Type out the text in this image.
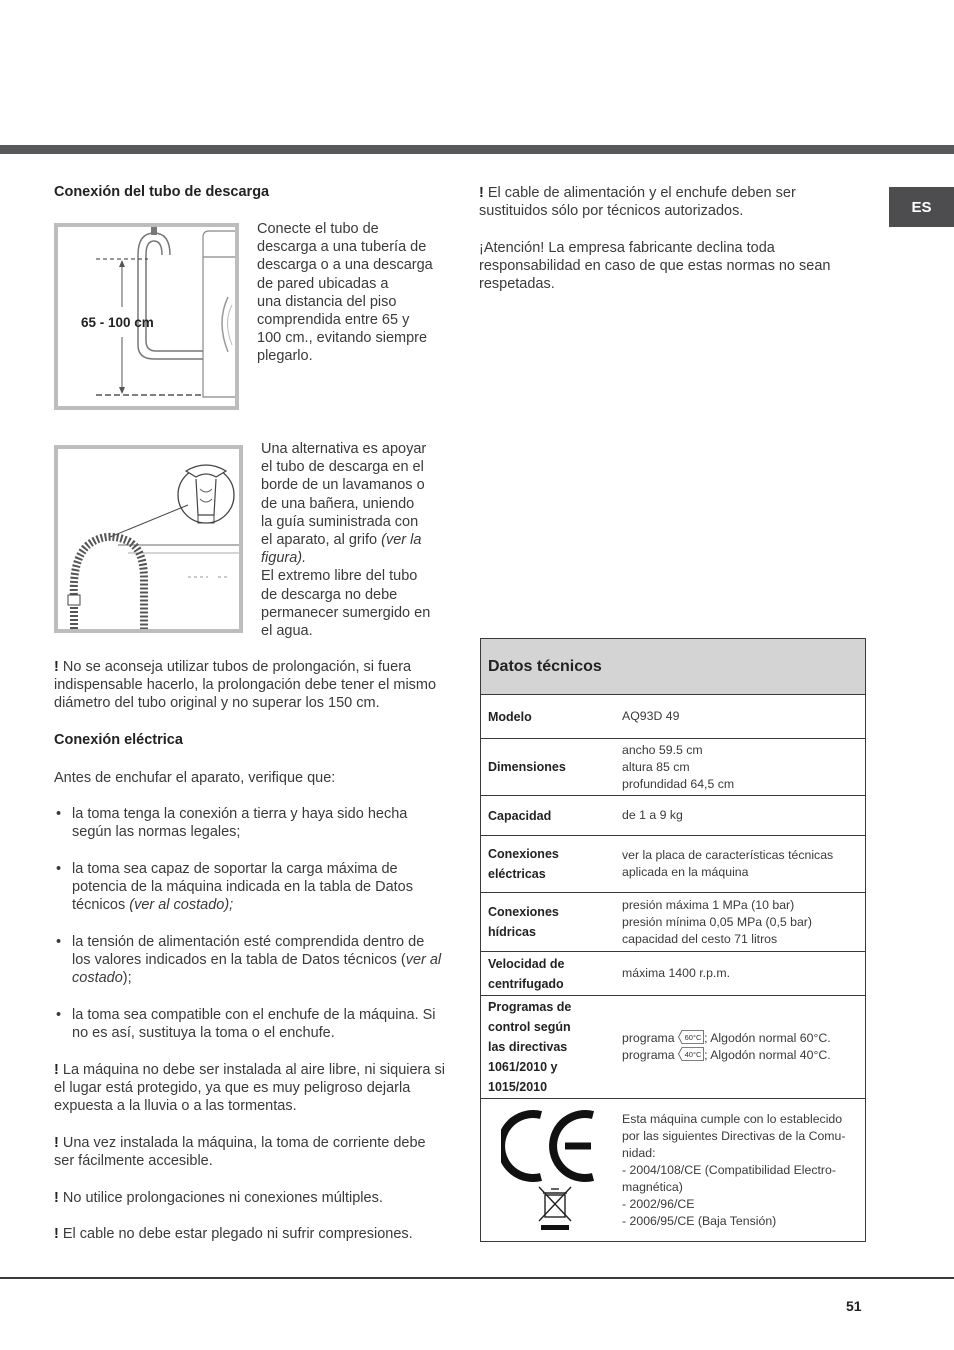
ES
Conexión del tubo de descarga
65 - 100 cm
Conecte el tubo de
descarga a una tubería de
descarga o a una descarga
de pared ubicadas a
una distancia del piso
comprendida entre 65 y
100 cm., evitando siempre
plegarlo.
Una alternativa es apoyar
el tubo de descarga en el
borde de un lavamanos o
de una bañera, uniendo
la guía suministrada con
el aparato, al grifo (ver la
figura).
El extremo libre del tubo
de descarga no debe
permanecer sumergido en
el agua.
! No se aconseja utilizar tubos de prolongación, si fuera indispensable hacerlo, la prolongación debe tener el mismo diámetro del tubo original y no superar los 150 cm.
Conexión eléctrica
Antes de enchufar el aparato, verifique que:
• la toma tenga la conexión a tierra y haya sido hecha según las normas legales;
• la toma sea capaz de soportar la carga máxima de potencia de la máquina indicada en la tabla de Datos técnicos (ver al costado);
• la tensión de alimentación esté comprendida dentro de los valores indicados en la tabla de Datos técnicos (ver al costado);
• la toma sea compatible con el enchufe de la máquina. Si no es así, sustituya la toma o el enchufe.
! La máquina no debe ser instalada al aire libre, ni siquiera si el lugar está protegido, ya que es muy peligroso dejarla expuesta a la lluvia o a las tormentas.
! Una vez instalada la máquina, la toma de corriente debe ser fácilmente accesible.
! No utilice prolongaciones ni conexiones múltiples.
! El cable no debe estar plegado ni sufrir compresiones.
! El cable de alimentación y el enchufe deben ser sustituidos sólo por técnicos autorizados.
¡Atención! La empresa fabricante declina toda responsabilidad en caso de que estas normas no sean respetadas.
Datos técnicos
Modelo	AQ93D 49
Dimensiones
ancho 59.5 cm
altura 85 cm
profundidad 64,5 cm
Capacidad	de 1 a 9 kg
Conexiones
eléctricas
ver la placa de características técnicas
aplicada en la máquina
Conexiones
hídricas
presión máxima 1 MPa (10 bar)
presión mínima 0,05 MPa (0,5 bar)
capacidad del cesto 71 litros
Velocidad de
centrifugado
máxima 1400 r.p.m.
Programas de
control según
las directivas
1061/2010 y
1015/2010
programa 60°C ; Algodón normal 60°C.
programa 40°C ; Algodón normal 40°C.
Esta máquina cumple con lo establecido
por las siguientes Directivas de la Comu-
nidad:
- 2004/108/CE (Compatibilidad Electro-
magnética)
- 2002/96/CE
- 2006/95/CE (Baja Tensión)
51
